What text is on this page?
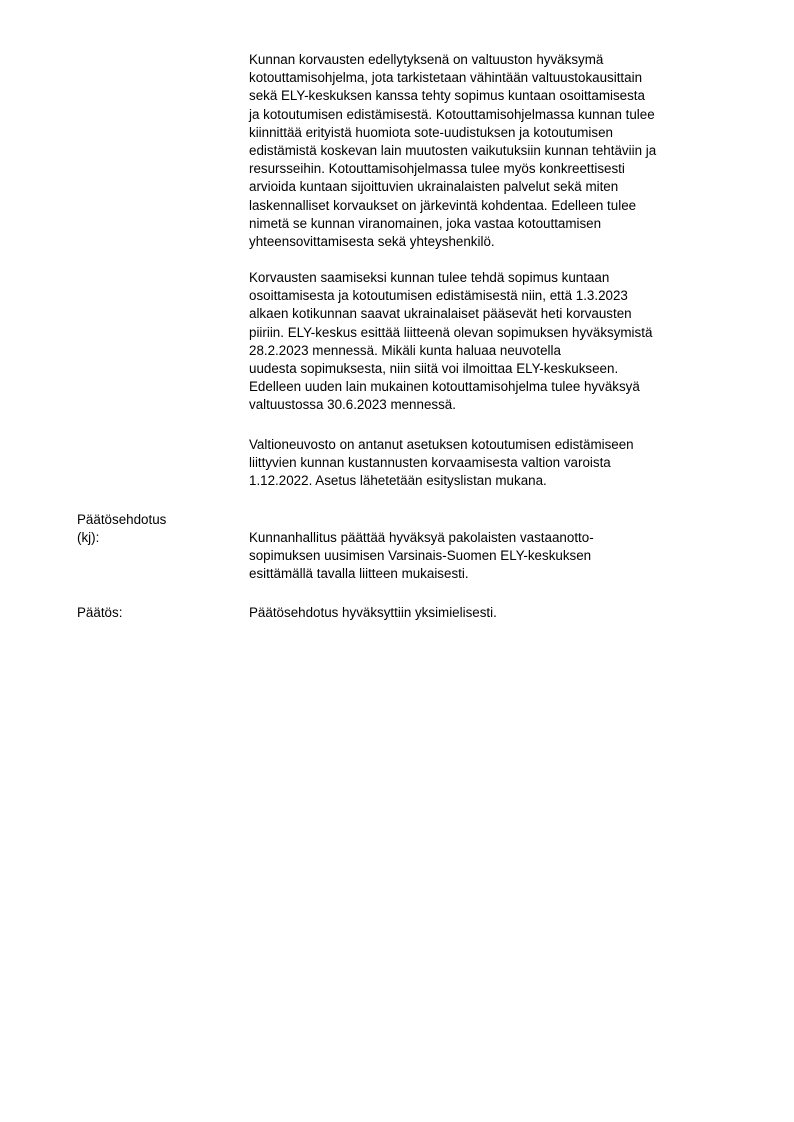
Kunnan korvausten edellytyksenä on valtuuston hyväksymä
kotouttamisohjelma, jota tarkistetaan vähintään valtuustokausittain
sekä ELY-keskuksen kanssa tehty sopimus kuntaan osoittamisesta
ja kotoutumisen edistämisestä. Kotouttamisohjelmassa kunnan tulee
kiinnittää erityistä huomiota sote-uudistuksen ja kotoutumisen
edistämistä koskevan lain muutosten vaikutuksiin kunnan tehtäviin ja
resursseihin. Kotouttamisohjelmassa tulee myös konkreettisesti
arvioida kuntaan sijoittuvien ukrainalaisten palvelut sekä miten
laskennalliset korvaukset on järkevintä kohdentaa. Edelleen tulee
nimetä se kunnan viranomainen, joka vastaa kotouttamisen
yhteensovittamisesta sekä yhteyshenkilö.
Korvausten saamiseksi kunnan tulee tehdä sopimus kuntaan
osoittamisesta ja kotoutumisen edistämisestä niin, että 1.3.2023
alkaen kotikunnan saavat ukrainalaiset pääsevät heti korvausten
piiriin. ELY-keskus esittää liitteenä olevan sopimuksen hyväksymistä
28.2.2023 mennessä. Mikäli kunta haluaa neuvotella
uudesta sopimuksesta, niin siitä voi ilmoittaa ELY-keskukseen.
Edelleen uuden lain mukainen kotouttamisohjelma tulee hyväksyä
valtuustossa 30.6.2023 mennessä.
Valtioneuvosto on antanut asetuksen kotoutumisen edistämiseen
liittyvien kunnan kustannusten korvaamisesta valtion varoista
1.12.2022. Asetus lähetetään esityslistan mukana.
Päätösehdotus
(kj):	Kunnanhallitus päättää hyväksyä pakolaisten vastaanotto-
sopimuksen uusimisen Varsinais-Suomen ELY-keskuksen
esittämällä tavalla liitteen mukaisesti.
Päätös:	Päätösehdotus hyväksyttiin yksimielisesti.
